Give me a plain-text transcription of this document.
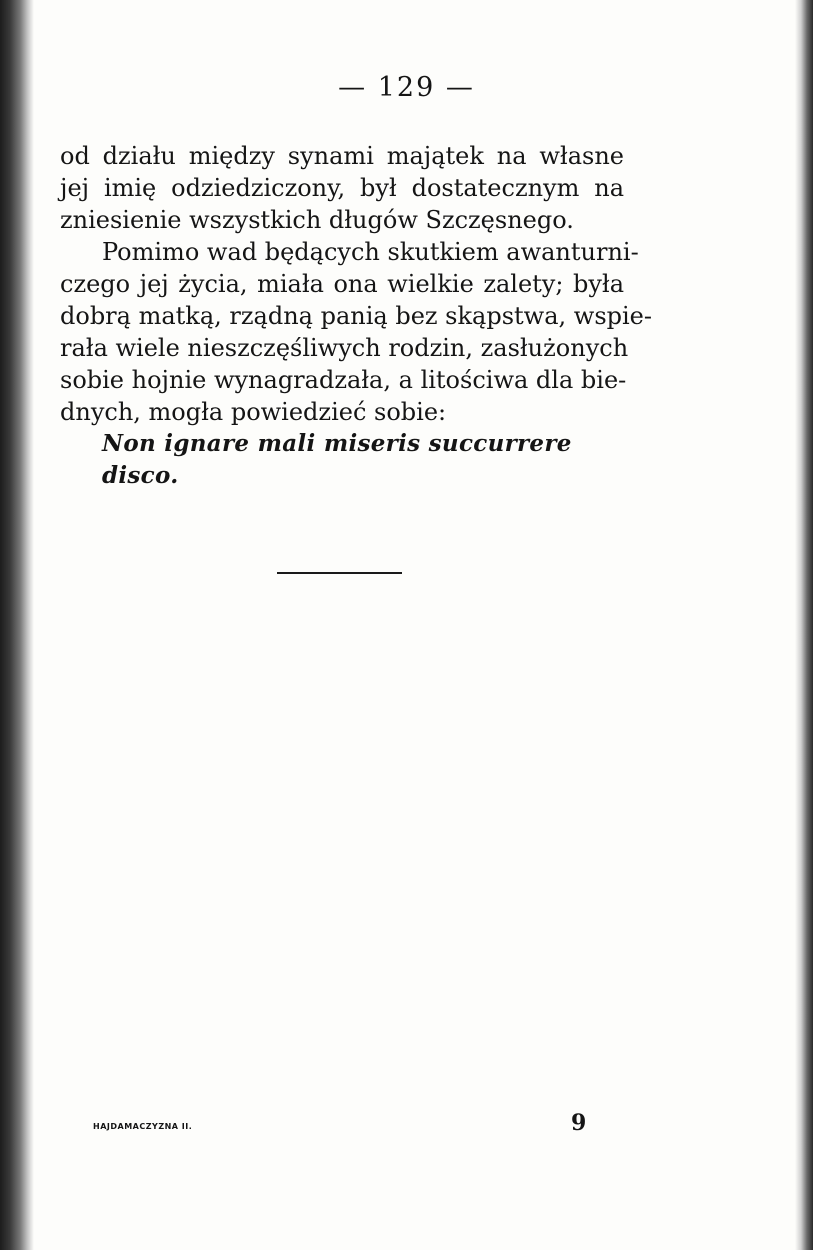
— 129 —

od działu między synami majątek na własne
jej imię odziedziczony, był dostatecznym na
zniesienie wszystkich długów Szczęsnego.

Pomimo wad będących skutkiem awanturni-
czego jej życia, miała ona wielkie zalety; była
dobrą matką, rządną panią bez skąpstwa, wspie-
rała wiele nieszczęśliwych rodzin, zasłużonych
sobie hojnie wynagradzała, a litościwa dla bie-
dnych, mogła powiedzieć sobie:

Non ignare mali miseris succurrere disco.
HAJDAMACZYZNA II.	9
